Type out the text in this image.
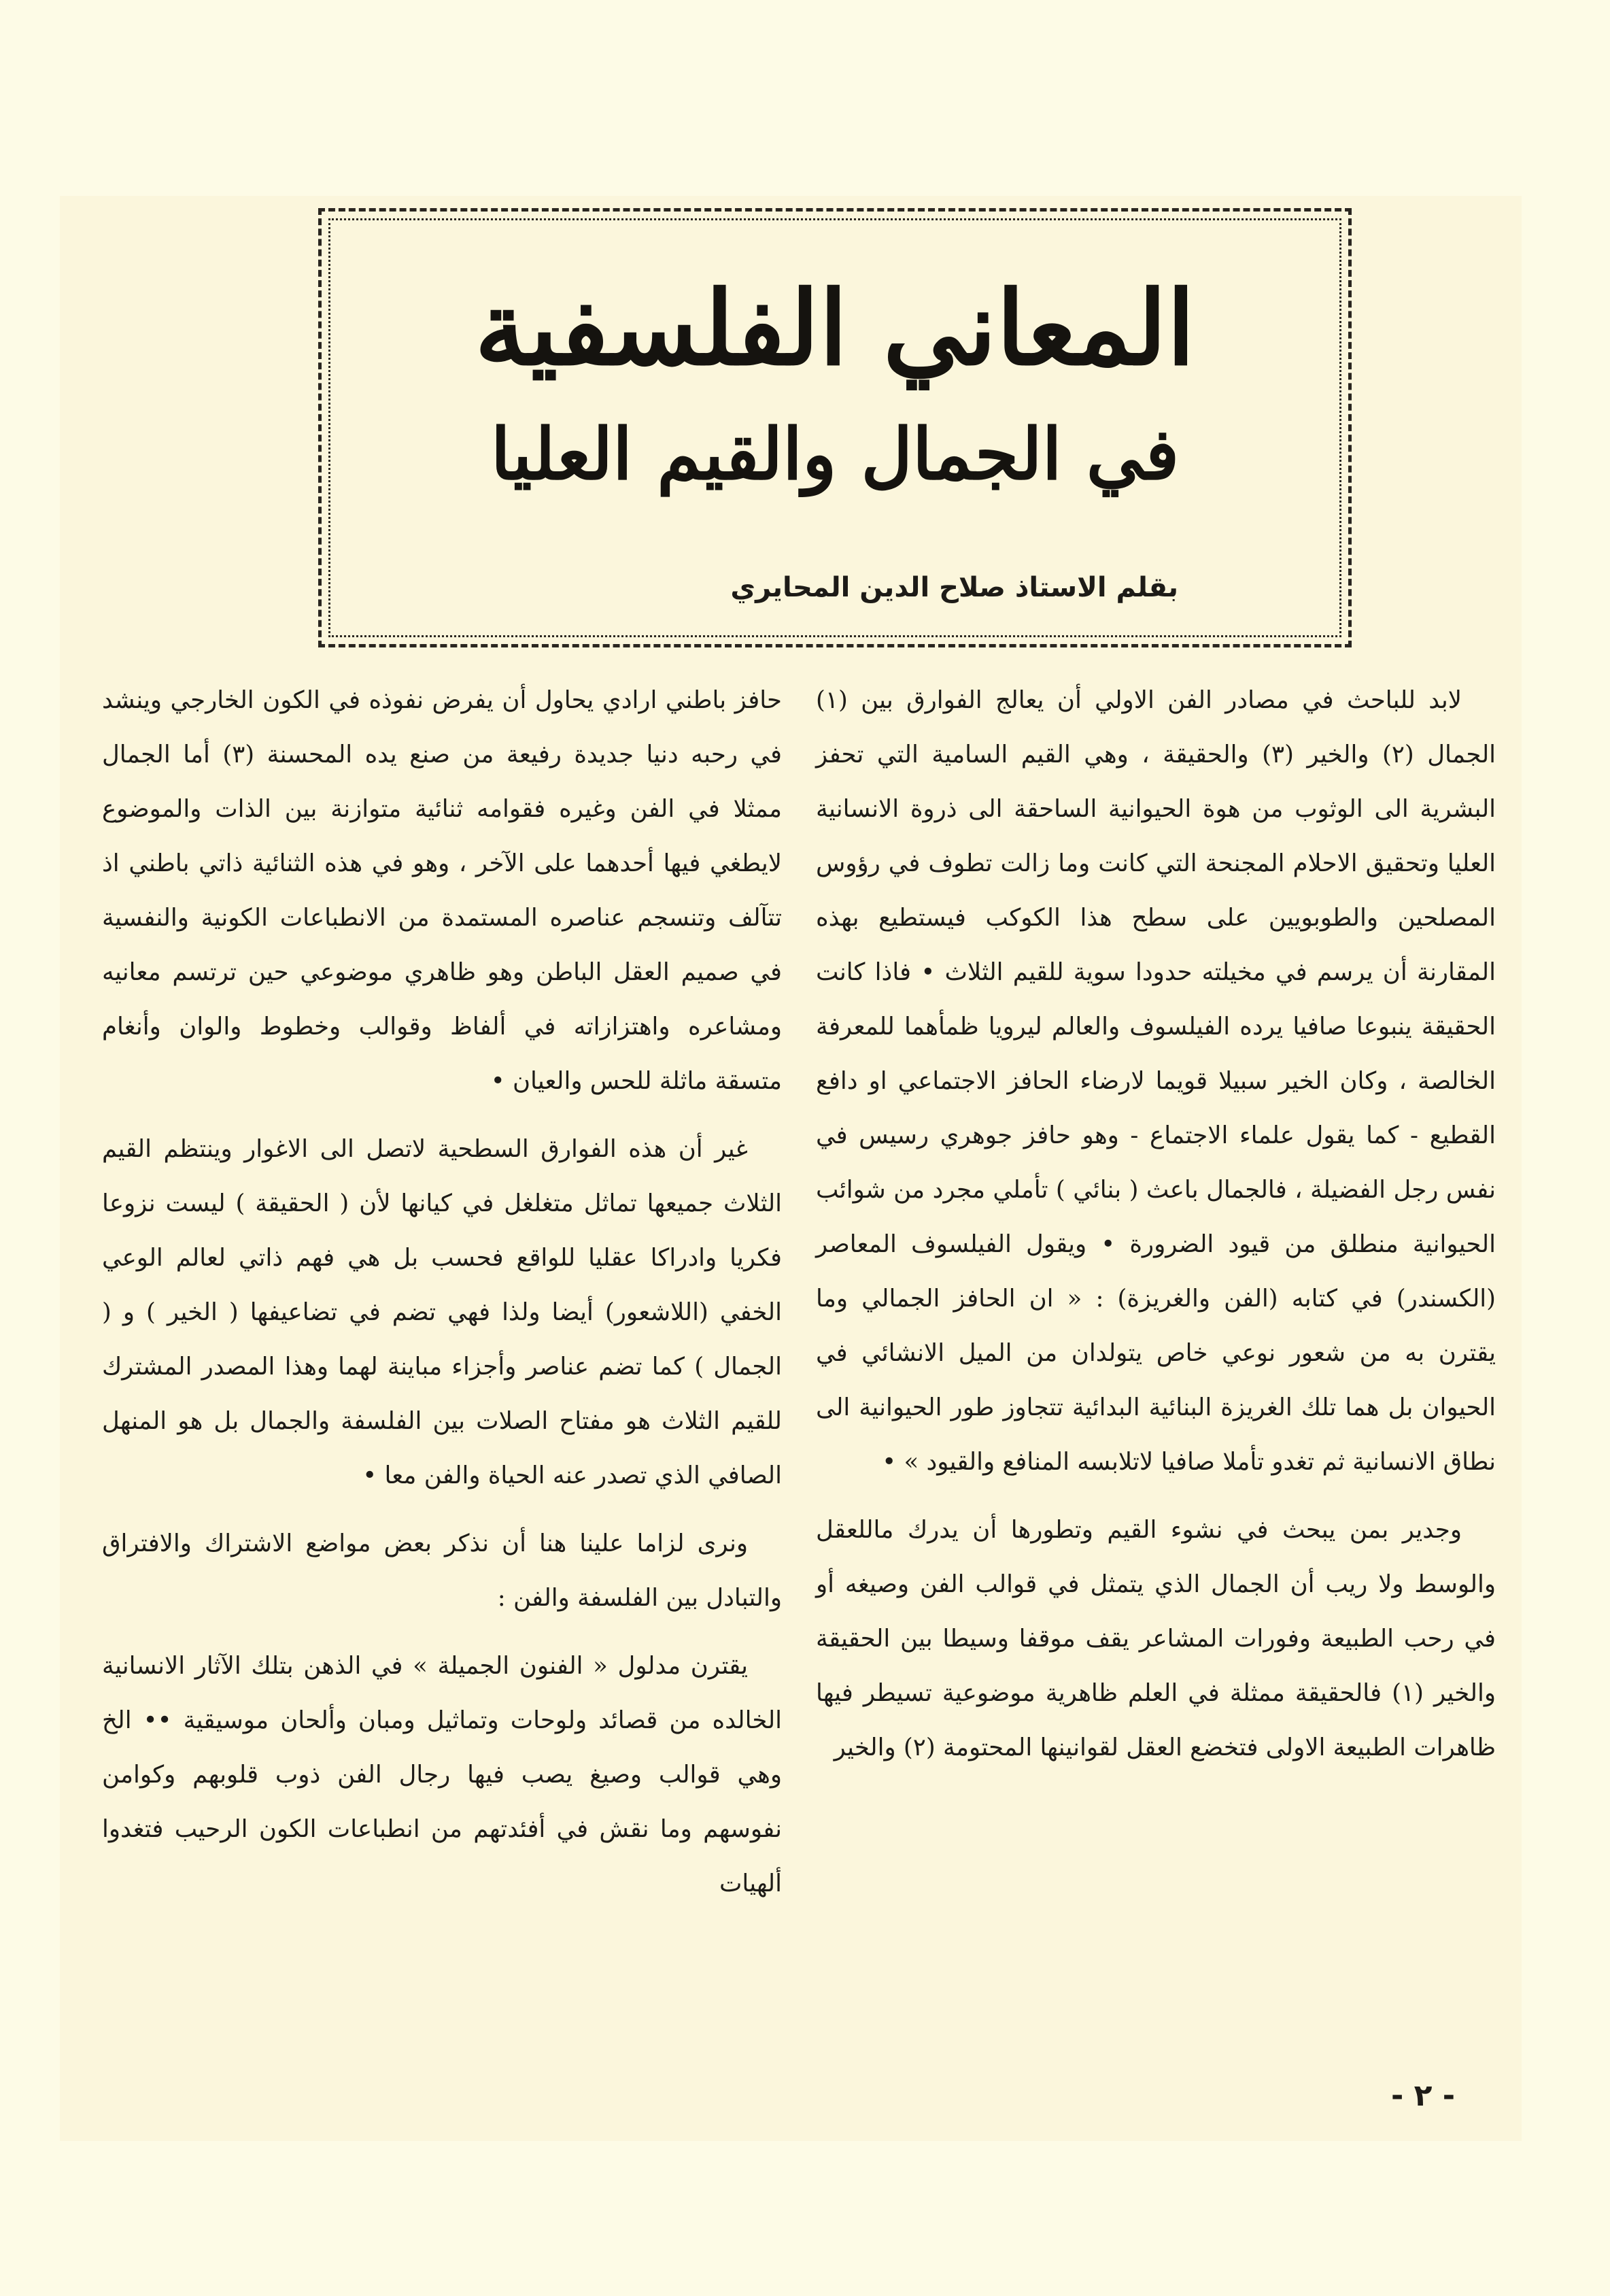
المعاني الفلسفية
في الجمال والقيم العليا
بقلم الاستاذ صلاح الدين المحايري

لابد للباحث في مصادر الفن الاولي أن يعالج الفوارق بين (١) الجمال (٢) والخير (٣) والحقيقة ، وهي القيم السامية التي تحفز البشرية الى الوثوب من هوة الحيوانية الساحقة الى ذروة الانسانية العليا وتحقيق الاحلام المجنحة التي كانت وما زالت تطوف في رؤوس المصلحين والطوبويين على سطح هذا الكوكب فيستطيع بهذه المقارنة أن يرسم في مخيلته حدودا سوية للقيم الثلاث • فاذا كانت الحقيقة ينبوعا صافيا يرده الفيلسوف والعالم ليرويا ظمأهما للمعرفة الخالصة ، وكان الخير سبيلا قويما لارضاء الحافز الاجتماعي او دافع القطيع - كما يقول علماء الاجتماع - وهو حافز جوهري رسيس في نفس رجل الفضيلة ، فالجمال باعث ( بنائي ) تأملي مجرد من شوائب الحيوانية منطلق من قيود الضرورة • ويقول الفيلسوف المعاصر (الكسندر) في كتابه (الفن والغريزة) : « ان الحافز الجمالي وما يقترن به من شعور نوعي خاص يتولدان من الميل الانشائي في الحيوان بل هما تلك الغريزة البنائية البدائية تتجاوز طور الحيوانية الى نطاق الانسانية ثم تغدو تأملا صافيا لاتلابسه المنافع والقيود » •

وجدير بمن يبحث في نشوء القيم وتطورها أن يدرك ماللعقل والوسط ولا ريب أن الجمال الذي يتمثل في قوالب الفن وصيغه أو في رحب الطبيعة وفورات المشاعر يقف موقفا وسيطا بين الحقيقة والخير (١) فالحقيقة ممثلة في العلم ظاهرية موضوعية تسيطر فيها ظاهرات الطبيعة الاولى فتخضع العقل لقوانينها المحتومة (٢) والخير

حافز باطني ارادي يحاول أن يفرض نفوذه في الكون الخارجي وينشد في رحبه دنيا جديدة رفيعة من صنع يده المحسنة (٣) أما الجمال ممثلا في الفن وغيره فقوامه ثنائية متوازنة بين الذات والموضوع لايطغي فيها أحدهما على الآخر ، وهو في هذه الثنائية ذاتي باطني اذ تتآلف وتنسجم عناصره المستمدة من الانطباعات الكونية والنفسية في صميم العقل الباطن وهو ظاهري موضوعي حين ترتسم معانيه ومشاعره واهتزازاته في ألفاظ وقوالب وخطوط والوان وأنغام متسقة ماثلة للحس والعيان •

غير أن هذه الفوارق السطحية لاتصل الى الاغوار وينتظم القيم الثلاث جميعها تماثل متغلغل في كيانها لأن ( الحقيقة ) ليست نزوعا فكريا وادراكا عقليا للواقع فحسب بل هي فهم ذاتي لعالم الوعي الخفي (اللاشعور) أيضا ولذا فهي تضم في تضاعيفها ( الخير ) و ( الجمال ) كما تضم عناصر وأجزاء مباينة لهما وهذا المصدر المشترك للقيم الثلاث هو مفتاح الصلات بين الفلسفة والجمال بل هو المنهل الصافي الذي تصدر عنه الحياة والفن معا •

ونرى لزاما علينا هنا أن نذكر بعض مواضع الاشتراك والافتراق والتبادل بين الفلسفة والفن :

يقترن مدلول « الفنون الجميلة » في الذهن بتلك الآثار الانسانية الخالده من قصائد ولوحات وتماثيل ومبان وألحان موسيقية •• الخ وهي قوالب وصيغ يصب فيها رجال الفن ذوب قلوبهم وكوامن نفوسهم وما نقش في أفئدتهم من انطباعات الكون الرحيب فتغدوا ألهيات

- ٢ -
